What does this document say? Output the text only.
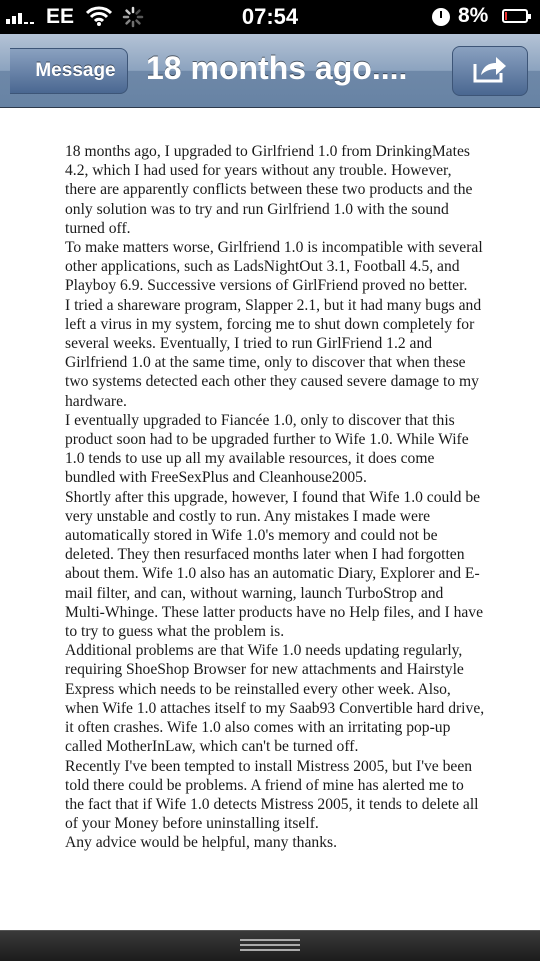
EE	07:54	8%
Message 18 months ago....

18 months ago, I upgraded to Girlfriend 1.0 from DrinkingMates 4.2, which I had used for years without any trouble. However, there are apparently conflicts between these two products and the only solution was to try and run Girlfriend 1.0 with the sound turned off.

To make matters worse, Girlfriend 1.0 is incompatible with several other applications, such as LadsNightOut 3.1, Football 4.5, and Playboy 6.9. Successive versions of GirlFriend proved no better.

I tried a shareware program, Slapper 2.1, but it had many bugs and left a virus in my system, forcing me to shut down completely for several weeks. Eventually, I tried to run GirlFriend 1.2 and Girlfriend 1.0 at the same time, only to discover that when these two systems detected each other they caused severe damage to my hardware.

I eventually upgraded to Fiancée 1.0, only to discover that this product soon had to be upgraded further to Wife 1.0. While Wife 1.0 tends to use up all my available resources, it does come bundled with FreeSexPlus and Cleanhouse2005.

Shortly after this upgrade, however, I found that Wife 1.0 could be very unstable and costly to run. Any mistakes I made were automatically stored in Wife 1.0's memory and could not be deleted. They then resurfaced months later when I had forgotten about them. Wife 1.0 also has an automatic Diary, Explorer and E-mail filter, and can, without warning, launch TurboStrop and Multi-Whinge. These latter products have no Help files, and I have to try to guess what the problem is.

Additional problems are that Wife 1.0 needs updating regularly, requiring ShoeShop Browser for new attachments and Hairstyle Express which needs to be reinstalled every other week. Also, when Wife 1.0 attaches itself to my Saab93 Convertible hard drive, it often crashes. Wife 1.0 also comes with an irritating pop-up called MotherInLaw, which can't be turned off.

Recently I've been tempted to install Mistress 2005, but I've been told there could be problems. A friend of mine has alerted me to the fact that if Wife 1.0 detects Mistress 2005, it tends to delete all of your Money before uninstalling itself.

Any advice would be helpful, many thanks.
